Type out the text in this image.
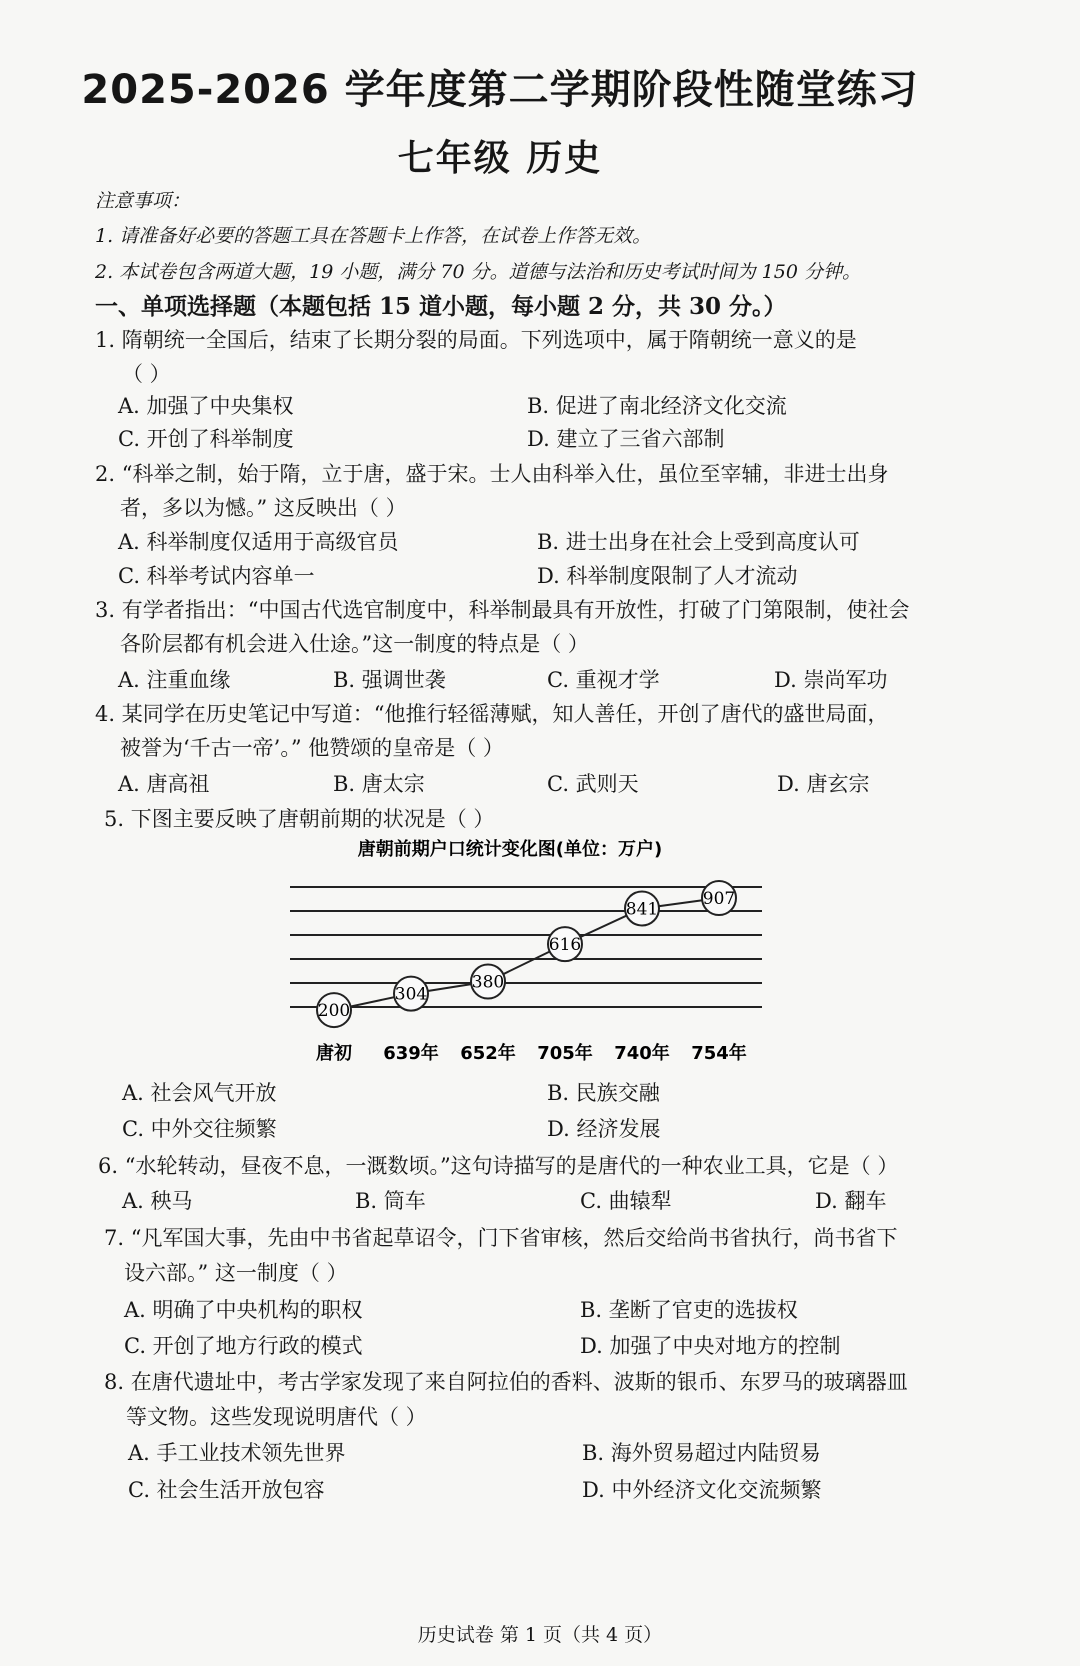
2025-2026 学年度第二学期阶段性随堂练习
七年级 历史
注意事项：
1. 请准备好必要的答题工具在答题卡上作答，在试卷上作答无效。
2. 本试卷包含两道大题，19 小题，满分 70 分。道德与法治和历史考试时间为 150 分钟。
一、单项选择题（本题包括 15 道小题，每小题 2 分，共 30 分。）
1. 隋朝统一全国后，结束了长期分裂的局面。下列选项中，属于隋朝统一意义的是
（ ）
A. 加强了中央集权	B. 促进了南北经济文化交流
C. 开创了科举制度	D. 建立了三省六部制
2. “科举之制，始于隋，立于唐，盛于宋。士人由科举入仕，虽位至宰辅，非进士出身
者，多以为憾。” 这反映出（ ）
A. 科举制度仅适用于高级官员	B. 进士出身在社会上受到高度认可
C. 科举考试内容单一	D. 科举制度限制了人才流动
3. 有学者指出：“中国古代选官制度中，科举制最具有开放性，打破了门第限制，使社会
各阶层都有机会进入仕途。”这一制度的特点是（ ）
A. 注重血缘	B. 强调世袭	C. 重视才学	D. 崇尚军功
4. 某同学在历史笔记中写道：“他推行轻徭薄赋，知人善任，开创了唐代的盛世局面，
被誉为‘千古一帝’。” 他赞颂的皇帝是（ ）
A. 唐高祖	B. 唐太宗	C. 武则天	D. 唐玄宗
5. 下图主要反映了唐朝前期的状况是（ ）
唐朝前期户口统计变化图(单位：万户)
200
304
380
616
841
907
唐初 639年 652年 705年 740年 754年
A. 社会风气开放	B. 民族交融
C. 中外交往频繁	D. 经济发展
6. “水轮转动，昼夜不息，一溉数顷。”这句诗描写的是唐代的一种农业工具，它是（ ）
A. 秧马	B. 筒车	C. 曲辕犁	D. 翻车
7. “凡军国大事，先由中书省起草诏令，门下省审核，然后交给尚书省执行，尚书省下
设六部。” 这一制度（ ）
A. 明确了中央机构的职权	B. 垄断了官吏的选拔权
C. 开创了地方行政的模式	D. 加强了中央对地方的控制
8. 在唐代遗址中，考古学家发现了来自阿拉伯的香料、波斯的银币、东罗马的玻璃器皿
等文物。这些发现说明唐代（ ）
A. 手工业技术领先世界	B. 海外贸易超过内陆贸易
C. 社会生活开放包容	D. 中外经济文化交流频繁
历史试卷 第 1 页（共 4 页）
